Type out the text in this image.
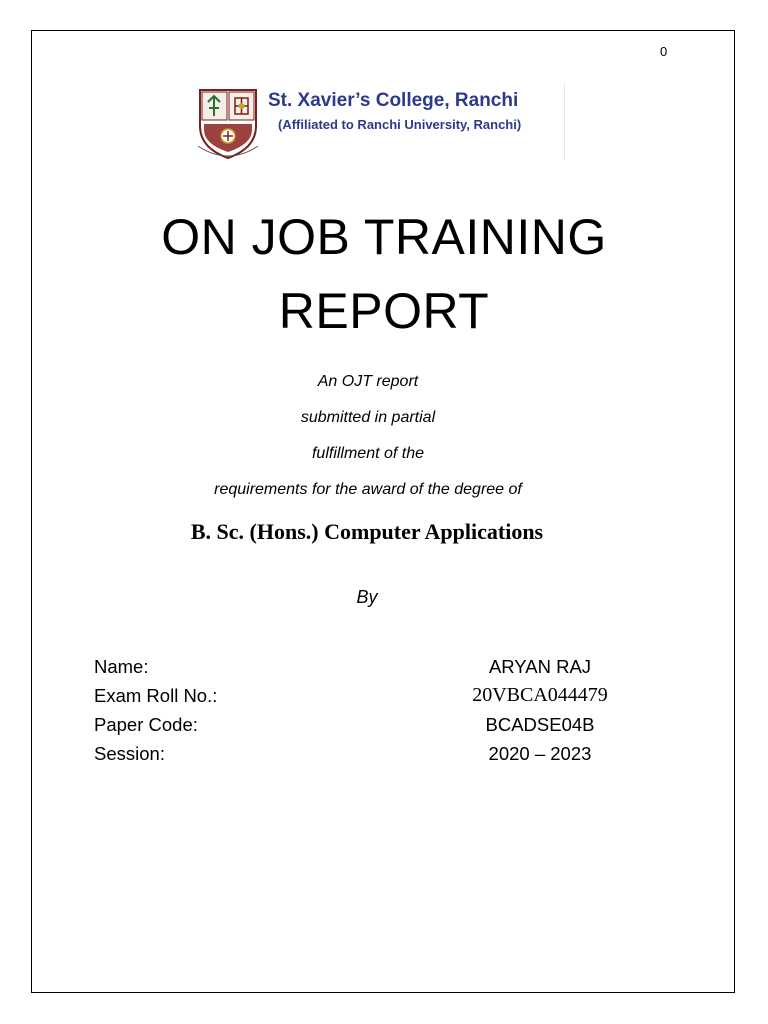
0
St. Xavier’s College, Ranchi
(Affiliated to Ranchi University, Ranchi)
ON JOB TRAINING
REPORT
An OJT report
submitted in partial
fulfillment of the
requirements for the award of the degree of
B. Sc. (Hons.) Computer Applications
By
Name:	ARYAN RAJ
Exam Roll No.:	20VBCA044479
Paper Code:	BCADSE04B
Session:	2020 – 2023
